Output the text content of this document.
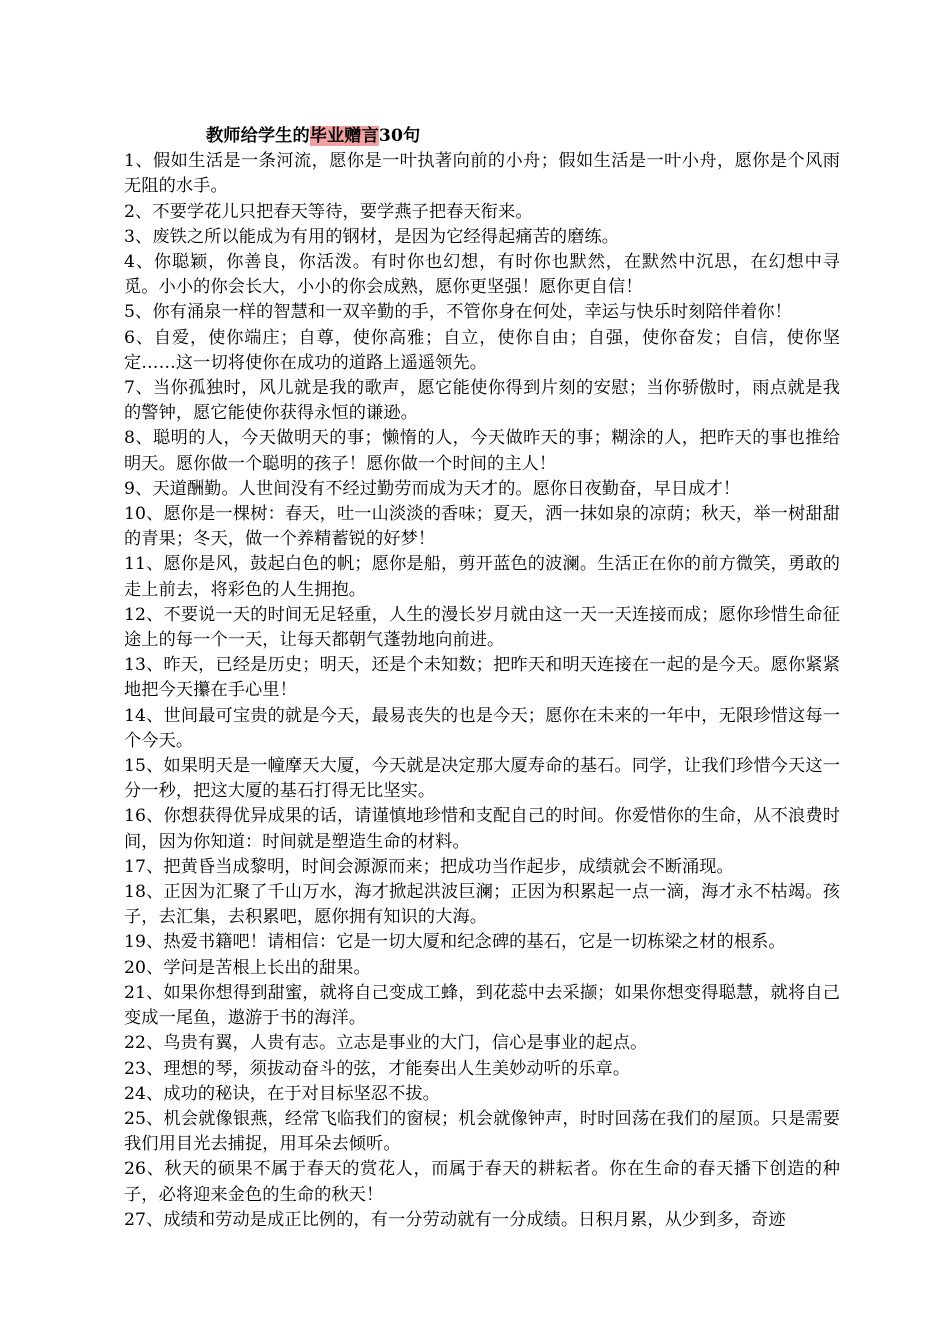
教师给学生的毕业赠言30句

1、假如生活是一条河流，愿你是一叶执著向前的小舟；假如生活是一叶小舟，愿你是个风雨无阻的水手。

2、不要学花儿只把春天等待，要学燕子把春天衔来。

3、废铁之所以能成为有用的钢材，是因为它经得起痛苦的磨练。

4、你聪颖，你善良，你活泼。有时你也幻想，有时你也默然，在默然中沉思，在幻想中寻觅。小小的你会长大，小小的你会成熟，愿你更坚强！愿你更自信！

5、你有涌泉一样的智慧和一双辛勤的手，不管你身在何处，幸运与快乐时刻陪伴着你！

6、自爱，使你端庄；自尊，使你高雅；自立，使你自由；自强，使你奋发；自信，使你坚定……这一切将使你在成功的道路上遥遥领先。

7、当你孤独时，风儿就是我的歌声，愿它能使你得到片刻的安慰；当你骄傲时，雨点就是我的警钟，愿它能使你获得永恒的谦逊。

8、聪明的人，今天做明天的事；懒惰的人，今天做昨天的事；糊涂的人，把昨天的事也推给明天。愿你做一个聪明的孩子！愿你做一个时间的主人！

9、天道酬勤。人世间没有不经过勤劳而成为天才的。愿你日夜勤奋，早日成才！

10、愿你是一棵树：春天，吐一山淡淡的香味；夏天，洒一抹如泉的凉荫；秋天，举一树甜甜的青果；冬天，做一个养精蓄锐的好梦！

11、愿你是风，鼓起白色的帆；愿你是船，剪开蓝色的波澜。生活正在你的前方微笑，勇敢的走上前去，将彩色的人生拥抱。

12、不要说一天的时间无足轻重，人生的漫长岁月就由这一天一天连接而成；愿你珍惜生命征途上的每一个一天，让每天都朝气蓬勃地向前进。

13、昨天，已经是历史；明天，还是个未知数；把昨天和明天连接在一起的是今天。愿你紧紧地把今天攥在手心里！

14、世间最可宝贵的就是今天，最易丧失的也是今天；愿你在未来的一年中，无限珍惜这每一个今天。

15、如果明天是一幢摩天大厦，今天就是决定那大厦寿命的基石。同学，让我们珍惜今天这一分一秒，把这大厦的基石打得无比坚实。

16、你想获得优异成果的话，请谨慎地珍惜和支配自己的时间。你爱惜你的生命，从不浪费时间，因为你知道：时间就是塑造生命的材料。

17、把黄昏当成黎明，时间会源源而来；把成功当作起步，成绩就会不断涌现。

18、正因为汇聚了千山万水，海才掀起洪波巨澜；正因为积累起一点一滴，海才永不枯竭。孩子，去汇集，去积累吧，愿你拥有知识的大海。

19、热爱书籍吧！请相信：它是一切大厦和纪念碑的基石，它是一切栋梁之材的根系。

20、学问是苦根上长出的甜果。

21、如果你想得到甜蜜，就将自己变成工蜂，到花蕊中去采撷；如果你想变得聪慧，就将自己变成一尾鱼，遨游于书的海洋。

22、鸟贵有翼，人贵有志。立志是事业的大门，信心是事业的起点。

23、理想的琴，须拔动奋斗的弦，才能奏出人生美妙动听的乐章。

24、成功的秘诀，在于对目标坚忍不拔。

25、机会就像银燕，经常飞临我们的窗棂；机会就像钟声，时时回荡在我们的屋顶。只是需要我们用目光去捕捉，用耳朵去倾听。

26、秋天的硕果不属于春天的赏花人，而属于春天的耕耘者。你在生命的春天播下创造的种子，必将迎来金色的生命的秋天！

27、成绩和劳动是成正比例的，有一分劳动就有一分成绩。日积月累，从少到多，奇迹
